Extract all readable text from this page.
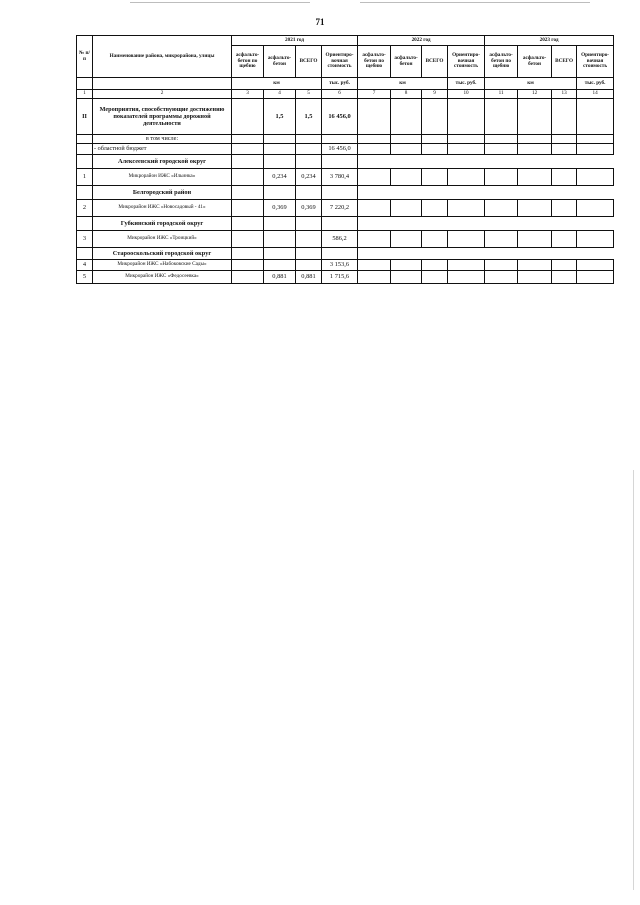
71
№ п/п	Наименование района, микрорайона, улицы	2021 год				2022 год				2023 год			
		асфальто-бетон по щебню	асфальто-бетон	ВСЕГО	Ориентиро-вочная стоимость	асфальто-бетон по щебню	асфальто-бетон	ВСЕГО	Ориентиро-вочная стоимость	асфальто-бетон по щебню	асфальто-бетон	ВСЕГО	Ориентиро-вочная стоимость
		км			тыс. руб.	км			тыс. руб.	км			тыс. руб.
1	2	3	4	5	6	7	8	9	10	11	12	13	14
II	Мероприятия, способствующие достижению показателей программы дорожной деятельности		1,5	1,5	16 456,0								
	в том числе:												
	- областной бюджет				16 456,0								
	Алексеевский городской округ												
1	Микрорайон ИЖС «Ильинка»		0,234	0,234	3 780,4								
	Белгородский район												
2	Микрорайон ИЖС «Новосадовый - 41»		0,369	0,369	7 220,2								
	Губкинский городской округ												
3	Микрорайон ИЖС «Троицкий»				586,2								
	Старооскольский городской округ												
4	Микрорайон ИЖС «Набоковские Сады»				3 153,6								
5	Микрорайон ИЖС «Федосеевка»		0,881	0,881	1 715,6								
